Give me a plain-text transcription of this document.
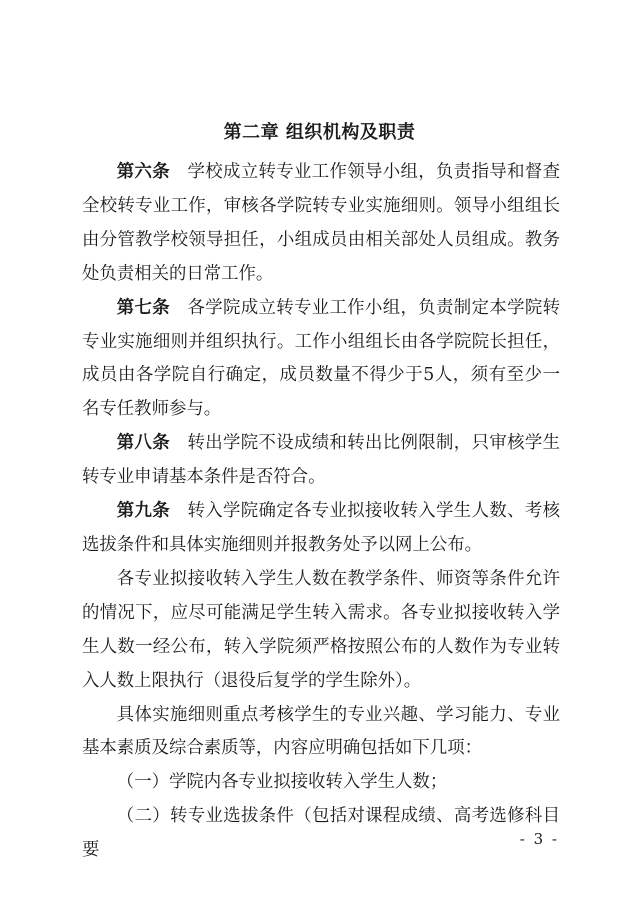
第二章 组织机构及职责

第六条 学校成立转专业工作领导小组，负责指导和督查全校转专业工作，审核各学院转专业实施细则。领导小组组长由分管教学校领导担任，小组成员由相关部处人员组成。教务处负责相关的日常工作。

第七条 各学院成立转专业工作小组，负责制定本学院转专业实施细则并组织执行。工作小组组长由各学院院长担任，成员由各学院自行确定，成员数量不得少于5人，须有至少一名专任教师参与。

第八条 转出学院不设成绩和转出比例限制，只审核学生转专业申请基本条件是否符合。

第九条 转入学院确定各专业拟接收转入学生人数、考核选拔条件和具体实施细则并报教务处予以网上公布。

各专业拟接收转入学生人数在教学条件、师资等条件允许的情况下，应尽可能满足学生转入需求。各专业拟接收转入学生人数一经公布，转入学院须严格按照公布的人数作为专业转入人数上限执行（退役后复学的学生除外）。

具体实施细则重点考核学生的专业兴趣、学习能力、专业基本素质及综合素质等，内容应明确包括如下几项：

（一）学院内各专业拟接收转入学生人数；

（二）转专业选拔条件（包括对课程成绩、高考选修科目要

- 3 -
